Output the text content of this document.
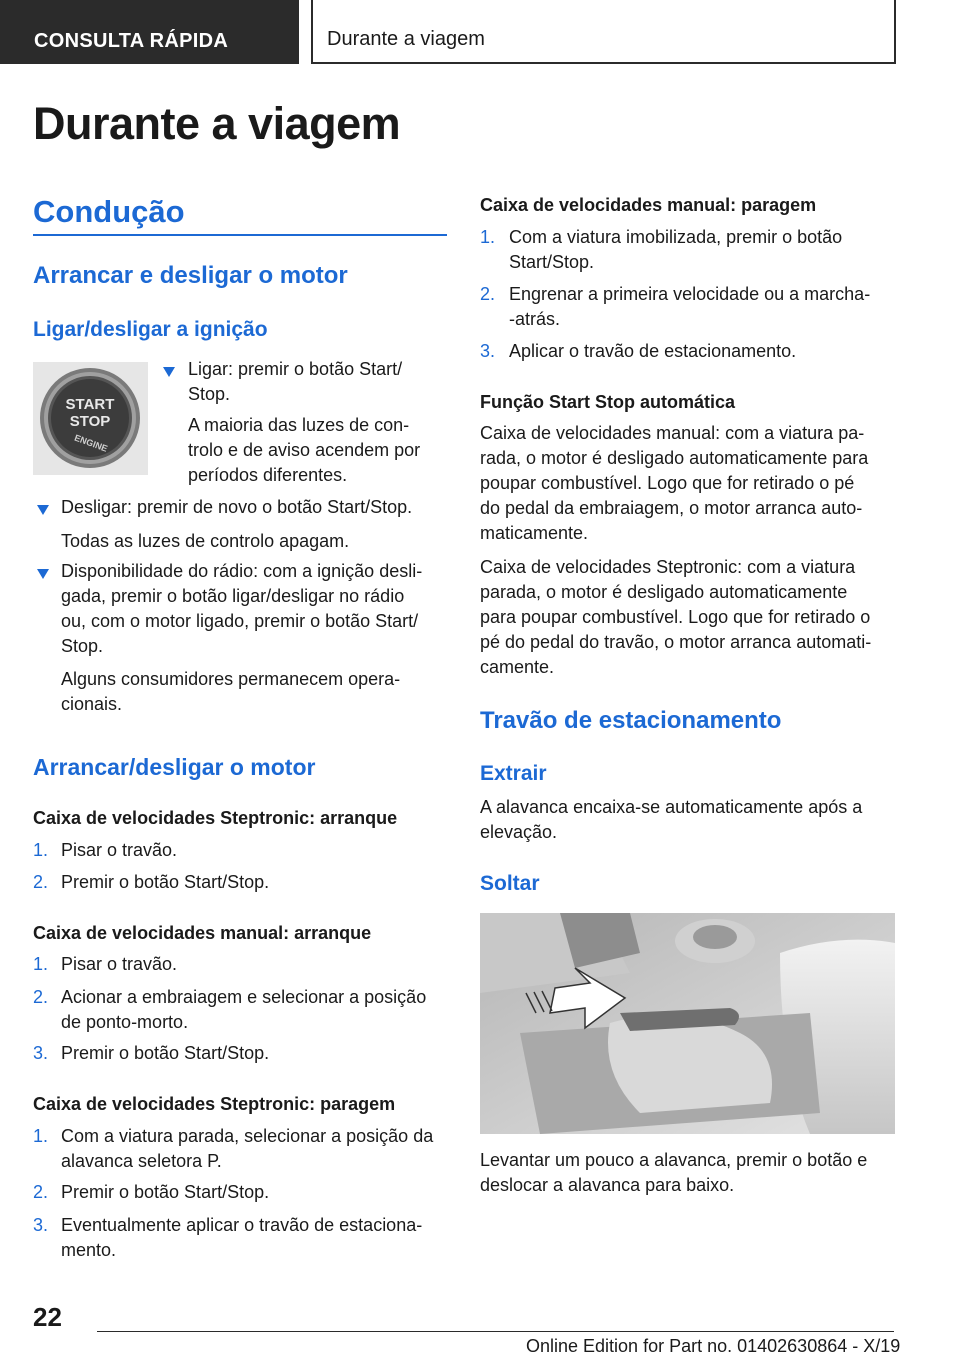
CONSULTA RÁPIDA	Durante a viagem
Durante a viagem
Condução
Arrancar e desligar o motor
Ligar/desligar a ignição
START
STOP
ENGINE
Ligar: premir o botão Start/
Stop.
A maioria das luzes de con-
trolo e de aviso acendem por
períodos diferentes.
Desligar: premir de novo o botão Start/Stop.
Todas as luzes de controlo apagam.
Disponibilidade do rádio: com a ignição desli-
gada, premir o botão ligar/desligar no rádio
ou, com o motor ligado, premir o botão Start/
Stop.
Alguns consumidores permanecem opera-
cionais.
Arrancar/desligar o motor
Caixa de velocidades Steptronic: arranque
1. Pisar o travão.
2. Premir o botão Start/Stop.
Caixa de velocidades manual: arranque
1. Pisar o travão.
2. Acionar a embraiagem e selecionar a posição
de ponto-morto.
3. Premir o botão Start/Stop.
Caixa de velocidades Steptronic: paragem
1. Com a viatura parada, selecionar a posição da
alavanca seletora P.
2. Premir o botão Start/Stop.
3. Eventualmente aplicar o travão de estaciona-
mento.
Caixa de velocidades manual: paragem
1. Com a viatura imobilizada, premir o botão
Start/Stop.
2. Engrenar a primeira velocidade ou a marcha-
-atrás.
3. Aplicar o travão de estacionamento.
Função Start Stop automática
Caixa de velocidades manual: com a viatura pa-
rada, o motor é desligado automaticamente para
poupar combustível. Logo que for retirado o pé
do pedal da embraiagem, o motor arranca auto-
maticamente.
Caixa de velocidades Steptronic: com a viatura
parada, o motor é desligado automaticamente
para poupar combustível. Logo que for retirado o
pé do pedal do travão, o motor arranca automati-
camente.
Travão de estacionamento
Extrair
A alavanca encaixa-se automaticamente após a
elevação.
Soltar
Levantar um pouco a alavanca, premir o botão e
deslocar a alavanca para baixo.
22
Online Edition for Part no. 01402630864 - X/19
